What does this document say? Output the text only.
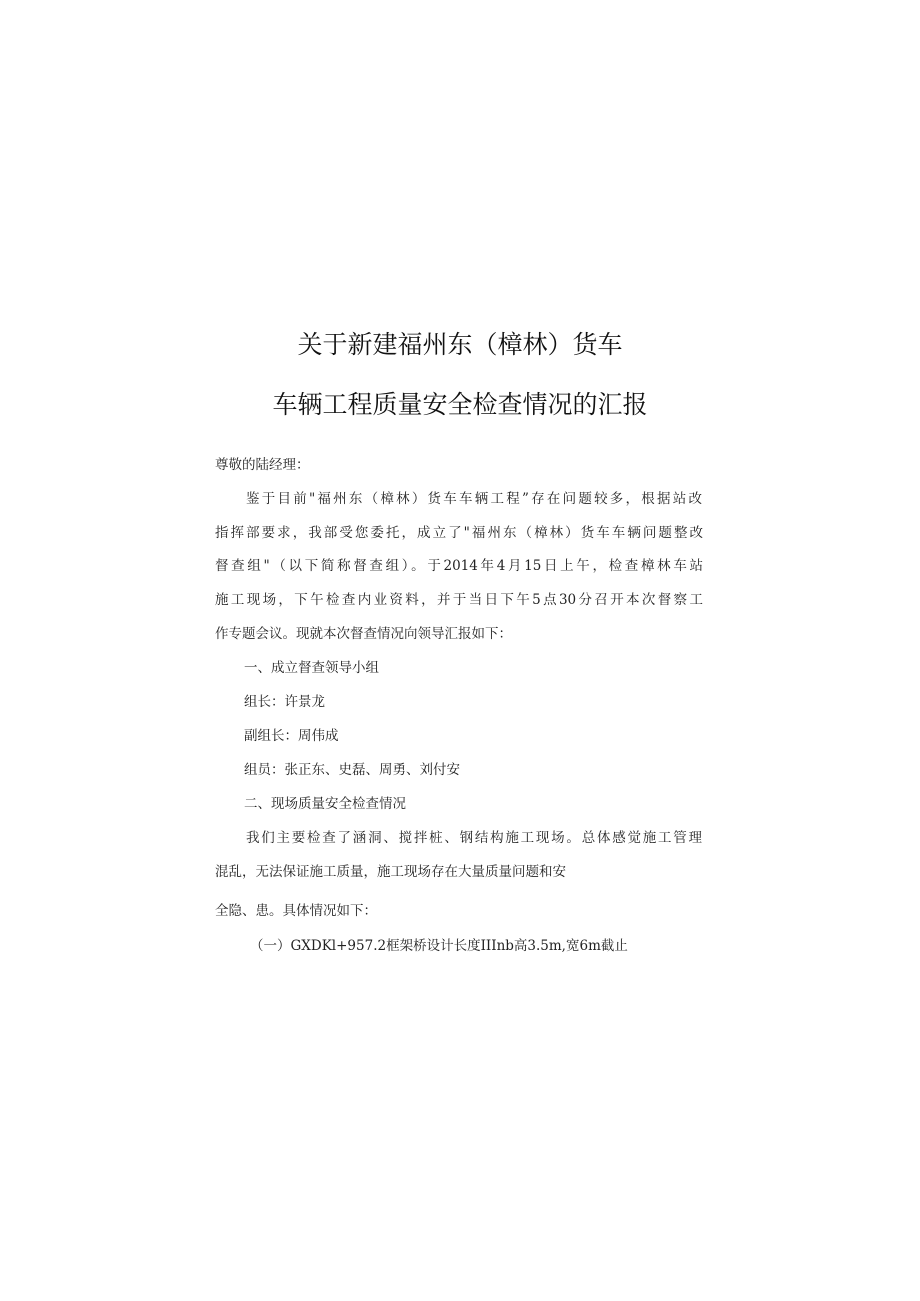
关于新建福州东（樟林）货车
车辆工程质量安全检查情况的汇报
尊敬的陆经理：
鉴于目前"福州东（樟林）货车车辆工程”存在问题较多，根据站改
指挥部要求，我部受您委托，成立了"福州东（樟林）货车车辆问题整改
督查组"（以下简称督查组）。于2014年4月15日上午，检查樟林车站
施工现场，下午检查内业资料，并于当日下午5点30分召开本次督察工
作专题会议。现就本次督查情况向领导汇报如下：
一、成立督查领导小组
组长：许景龙
副组长：周伟成
组员：张正东、史磊、周勇、刘付安
二、现场质量安全检查情况
我们主要检查了涵洞、搅拌桩、钢结构施工现场。总体感觉施工管理
混乱，无法保证施工质量，施工现场存在大量质量问题和安
全隐、患。具体情况如下：
（一）GXDKl+957.2框架桥设计长度IIInb高3.5m,宽6m截止
